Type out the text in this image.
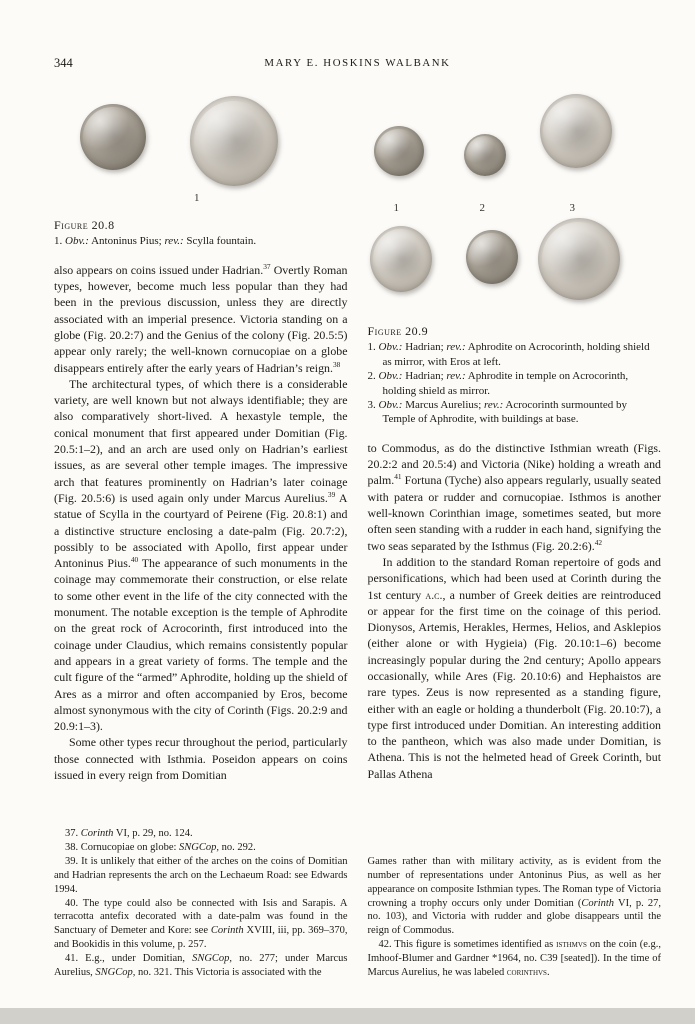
344	MARY E. HOSKINS WALBANK
1

Figure 20.8

1. Obv.: Antoninus Pius; rev.: Scylla fountain.

also appears on coins issued under Hadrian.$^{37}$ Overtly Roman types, however, become much less popular than they had been in the previous discussion, unless they are directly associated with an imperial presence. Victoria standing on a globe (Fig. 20.2:7) and the Genius of the colony (Fig. 20.5:5) appear only rarely; the well-known cornucopiae on a globe disappears entirely after the early years of Hadrian’s reign.$^{38}$

The architectural types, of which there is a considerable variety, are well known but not always identifiable; they are also comparatively short-lived. A hexastyle temple, the conical monument that first appeared under Domitian (Fig. 20.5:1–2), and an arch are used only on Hadrian’s earliest issues, as are several other temple images. The impressive arch that features prominently on Hadrian’s later coinage (Fig. 20.5:6) is used again only under Marcus Aurelius.$^{39}$ A statue of Scylla in the courtyard of Peirene (Fig. 20.8:1) and a distinctive structure enclosing a date-palm (Fig. 20.7:2), possibly to be associated with Apollo, first appear under Antoninus Pius.$^{40}$ The appearance of such monuments in the coinage may commemorate their construction, or else relate to some other event in the life of the city connected with the monument. The notable exception is the temple of Aphrodite on the great rock of Acrocorinth, first introduced into the coinage under Claudius, which remains consistently popular and appears in a great variety of forms. The temple and the cult figure of the “armed” Aphrodite, holding up the shield of Ares as a mirror and often accompanied by Eros, become almost synonymous with the city of Corinth (Figs. 20.2:9 and 20.9:1–3).

Some other types recur throughout the period, particularly those connected with Isthmia. Poseidon appears on coins issued in every reign from Domitian

37. Corinth VI, p. 29, no. 124.

38. Cornucopiae on globe: SNGCop, no. 292.

39. It is unlikely that either of the arches on the coins of Domitian and Hadrian represents the arch on the Lechaeum Road: see Edwards 1994.

40. The type could also be connected with Isis and Sarapis. A terracotta antefix decorated with a date-palm was found in the Sanctuary of Demeter and Kore: see Corinth XVIII, iii, pp. 369–370, and Bookidis in this volume, p. 257.

41. E.g., under Domitian, SNGCop, no. 277; under Marcus Aurelius, SNGCop, no. 321. This Victoria is associated with the

1	2	3

Figure 20.9

1. Obv.: Hadrian; rev.: Aphrodite on Acrocorinth, holding shield as mirror, with Eros at left.

2. Obv.: Hadrian; rev.: Aphrodite in temple on Acrocorinth, holding shield as mirror.

3. Obv.: Marcus Aurelius; rev.: Acrocorinth surmounted by Temple of Aphrodite, with buildings at base.

to Commodus, as do the distinctive Isthmian wreath (Figs. 20.2:2 and 20.5:4) and Victoria (Nike) holding a wreath and palm.$^{41}$ Fortuna (Tyche) also appears regularly, usually seated with patera or rudder and cornucopiae. Isthmos is another well-known Corinthian image, sometimes seated, but more often seen standing with a rudder in each hand, signifying the two seas separated by the Isthmus (Fig. 20.2:6).$^{42}$

In addition to the standard Roman repertoire of gods and personifications, which had been used at Corinth during the 1st century a.c., a number of Greek deities are reintroduced or appear for the first time on the coinage of this period. Dionysos, Artemis, Herakles, Hermes, Helios, and Asklepios (either alone or with Hygieia) (Fig. 20.10:1–6) become increasingly popular during the 2nd century; Apollo appears occasionally, while Ares (Fig. 20.10:6) and Hephaistos are rare types. Zeus is now represented as a standing figure, either with an eagle or holding a thunderbolt (Fig. 20.10:7), a type first introduced under Domitian. An interesting addition to the pantheon, which was also made under Domitian, is Athena. This is not the helmeted head of Greek Corinth, but Pallas Athena

Games rather than with military activity, as is evident from the number of representations under Antoninus Pius, as well as her appearance on composite Isthmian types. The Roman type of Victoria crowning a trophy occurs only under Domitian (Corinth VI, p. 27, no. 103), and Victoria with rudder and globe disappears until the reign of Commodus.

42. This figure is sometimes identified as isthmvs on the coin (e.g., Imhoof-Blumer and Gardner *1964, no. C39 [seated]). In the time of Marcus Aurelius, he was labeled corinthvs.
